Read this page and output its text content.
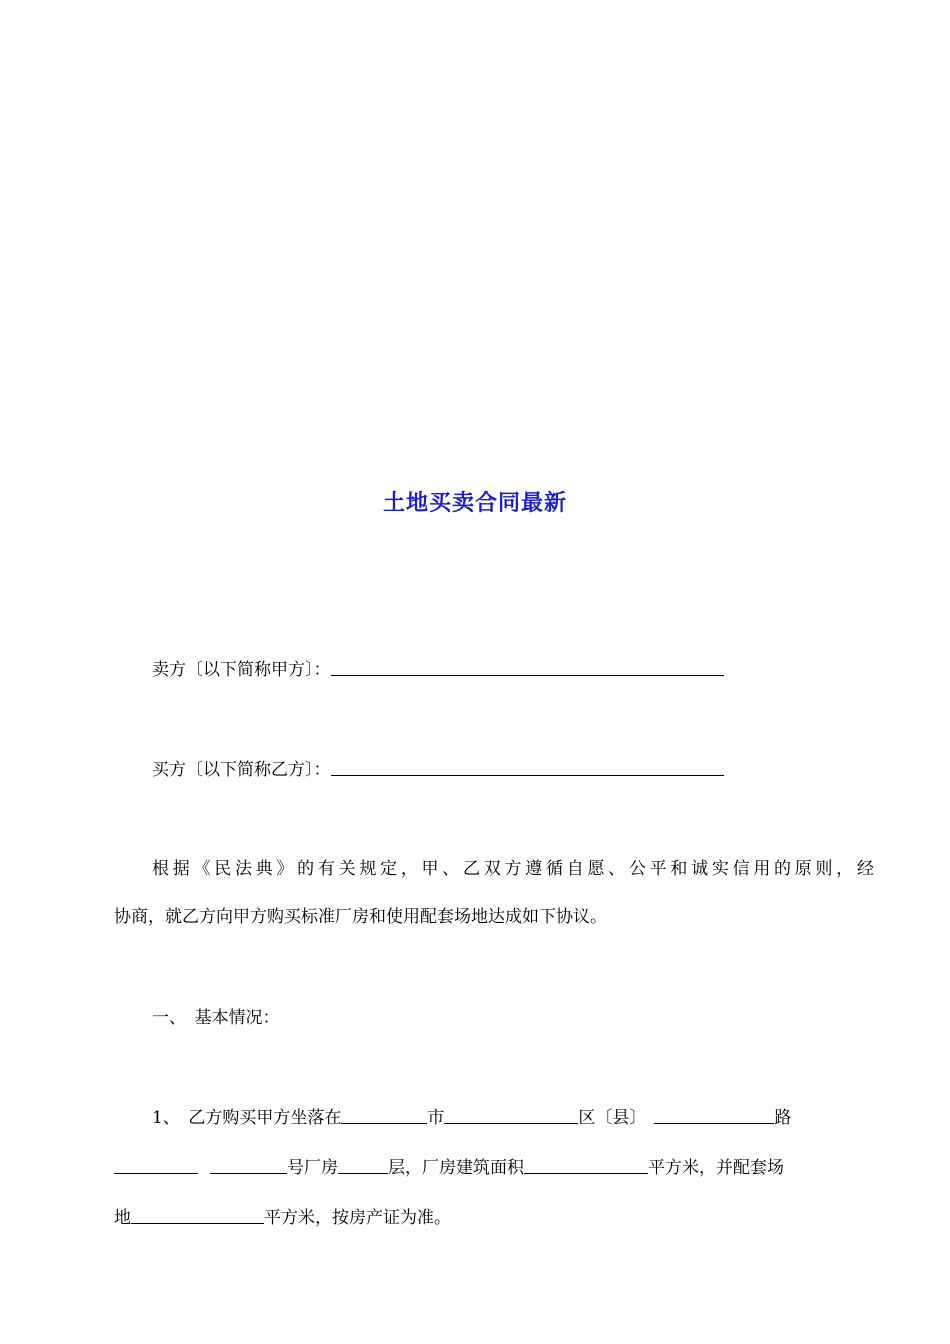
土地买卖合同最新
卖方〔以下简称甲方〕：
买方〔以下简称乙方〕：
根据《民法典》的有关规定，甲、乙双方遵循自愿、公平和诚实信用的原则，经
协商，就乙方向甲方购买标准厂房和使用配套场地达成如下协议。
一、　基本情况：
1、　乙方购买甲方坐落在	市	区〔县〕	路
号厂房	层，厂房建筑面积	平方米，并配套场
地	平方米，按房产证为准。
